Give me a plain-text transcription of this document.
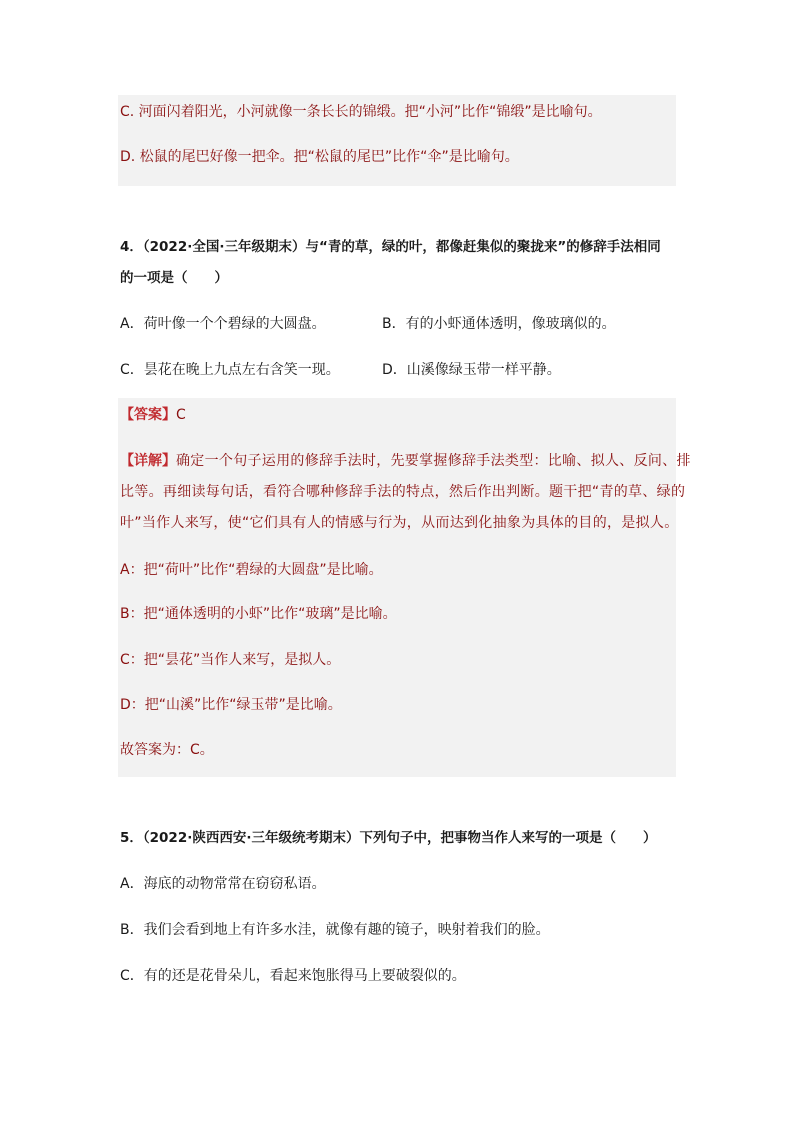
C. 河面闪着阳光，小河就像一条长长的锦缎。把“小河”比作“锦缎”是比喻句。
D. 松鼠的尾巴好像一把伞。把“松鼠的尾巴”比作“伞”是比喻句。
4．（2022·全国·三年级期末）与“青的草，绿的叶，都像赶集似的聚拢来”的修辞手法相同
的一项是（　　）
A．荷叶像一个个碧绿的大圆盘。	B．有的小虾通体透明，像玻璃似的。
C．昙花在晚上九点左右含笑一现。	D．山溪像绿玉带一样平静。
【答案】C
【详解】确定一个句子运用的修辞手法时，先要掌握修辞手法类型：比喻、拟人、反问、排
比等。再细读每句话，看符合哪种修辞手法的特点，然后作出判断。题干把“青的草、绿的
叶”当作人来写，使“它们具有人的情感与行为，从而达到化抽象为具体的目的，是拟人。
A：把“荷叶”比作“碧绿的大圆盘”是比喻。
B：把“通体透明的小虾”比作“玻璃”是比喻。
C：把“昙花”当作人来写，是拟人。
D：把“山溪”比作“绿玉带”是比喻。
故答案为：C。
5．（2022·陕西西安·三年级统考期末）下列句子中，把事物当作人来写的一项是（　　）
A．海底的动物常常在窃窃私语。
B．我们会看到地上有许多水洼，就像有趣的镜子，映射着我们的脸。
C．有的还是花骨朵儿，看起来饱胀得马上要破裂似的。
